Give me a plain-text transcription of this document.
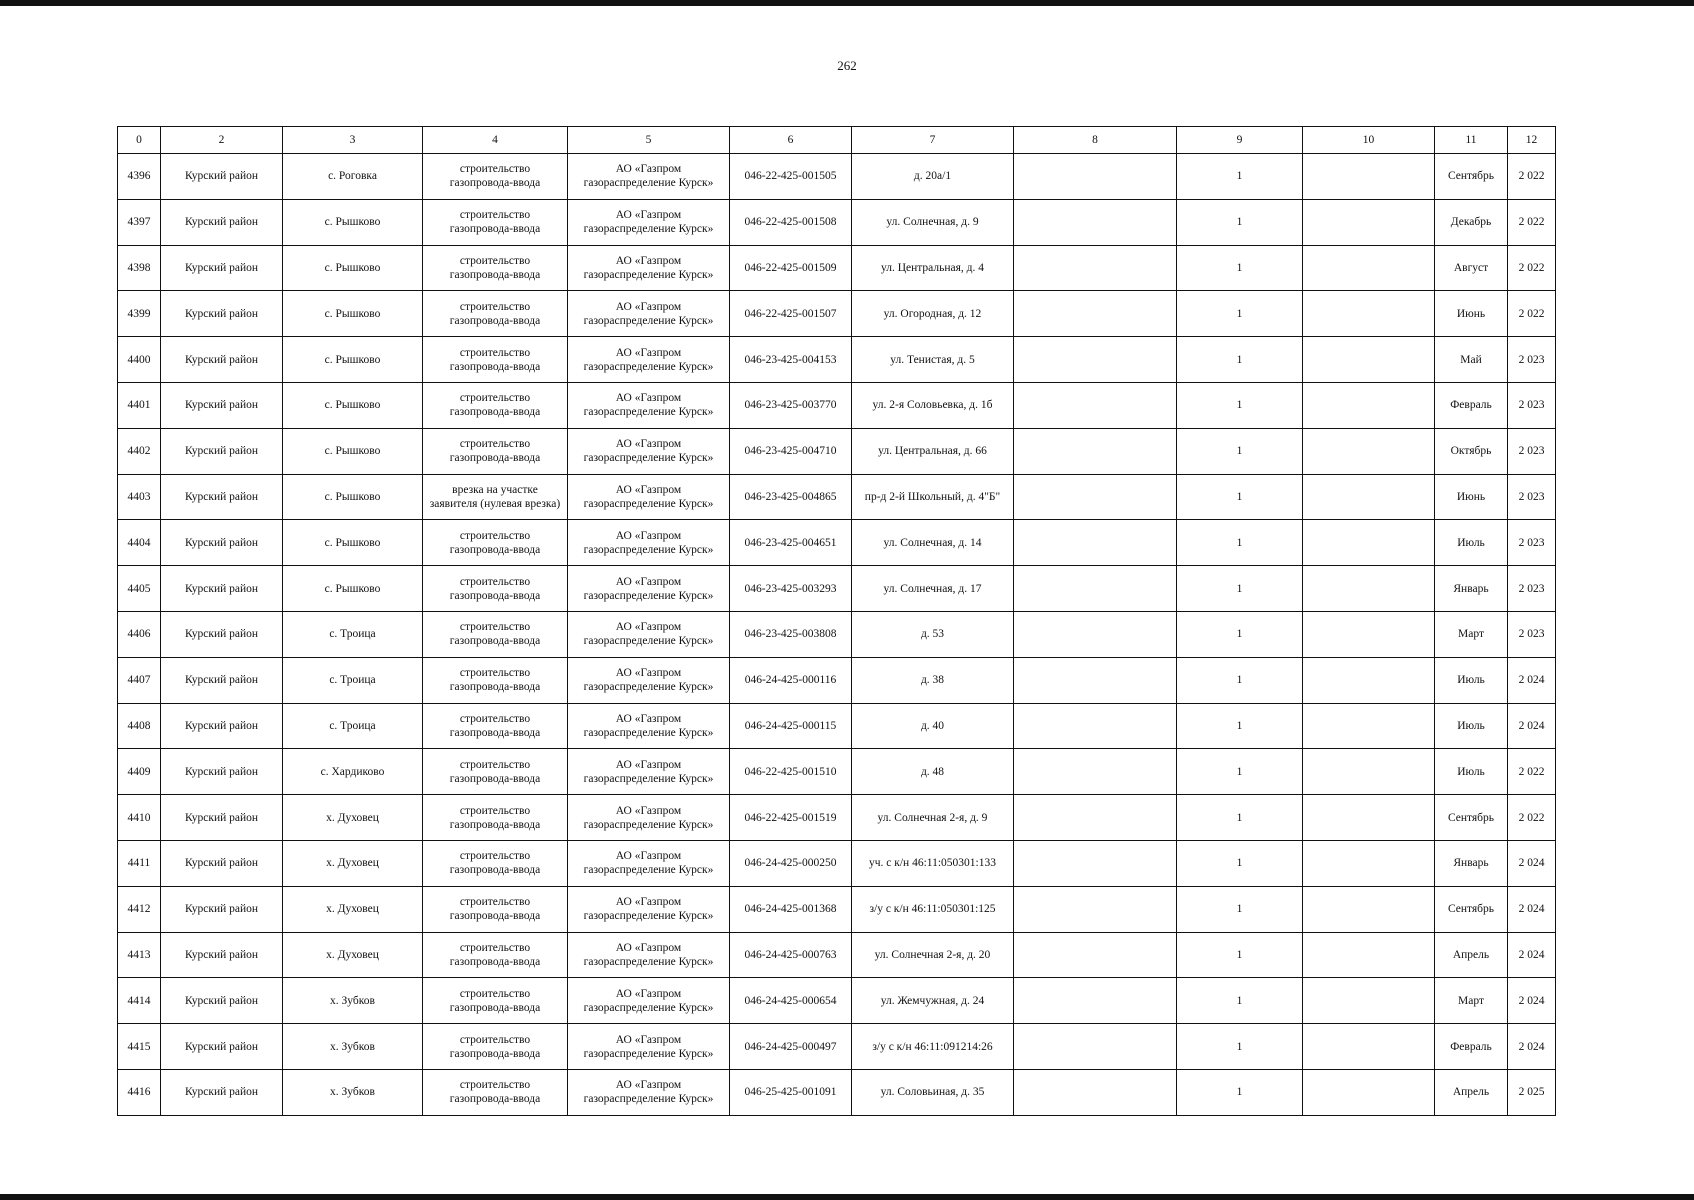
262
0	2	3	4	5	6	7	8	9	10	11	12
4396	Курский район	с. Роговка	строительство
газопровода-ввода	АО «Газпром
газораспределение Курск»	046-22-425-001505	д. 20а/1		1		Сентябрь	2 022
4397	Курский район	с. Рышково	строительство
газопровода-ввода	АО «Газпром
газораспределение Курск»	046-22-425-001508	ул. Солнечная, д. 9		1		Декабрь	2 022
4398	Курский район	с. Рышково	строительство
газопровода-ввода	АО «Газпром
газораспределение Курск»	046-22-425-001509	ул. Центральная, д. 4		1		Август	2 022
4399	Курский район	с. Рышково	строительство
газопровода-ввода	АО «Газпром
газораспределение Курск»	046-22-425-001507	ул. Огородная, д. 12		1		Июнь	2 022
4400	Курский район	с. Рышково	строительство
газопровода-ввода	АО «Газпром
газораспределение Курск»	046-23-425-004153	ул. Тенистая, д. 5		1		Май	2 023
4401	Курский район	с. Рышково	строительство
газопровода-ввода	АО «Газпром
газораспределение Курск»	046-23-425-003770	ул. 2-я Соловьевка, д. 1б		1		Февраль	2 023
4402	Курский район	с. Рышково	строительство
газопровода-ввода	АО «Газпром
газораспределение Курск»	046-23-425-004710	ул. Центральная, д. 66		1		Октябрь	2 023
4403	Курский район	с. Рышково	врезка на участке
заявителя (нулевая врезка)	АО «Газпром
газораспределение Курск»	046-23-425-004865	пр-д 2-й Школьный, д. 4"Б"		1		Июнь	2 023
4404	Курский район	с. Рышково	строительство
газопровода-ввода	АО «Газпром
газораспределение Курск»	046-23-425-004651	ул. Солнечная, д. 14		1		Июль	2 023
4405	Курский район	с. Рышково	строительство
газопровода-ввода	АО «Газпром
газораспределение Курск»	046-23-425-003293	ул. Солнечная, д. 17		1		Январь	2 023
4406	Курский район	с. Троица	строительство
газопровода-ввода	АО «Газпром
газораспределение Курск»	046-23-425-003808	д. 53		1		Март	2 023
4407	Курский район	с. Троица	строительство
газопровода-ввода	АО «Газпром
газораспределение Курск»	046-24-425-000116	д. 38		1		Июль	2 024
4408	Курский район	с. Троица	строительство
газопровода-ввода	АО «Газпром
газораспределение Курск»	046-24-425-000115	д. 40		1		Июль	2 024
4409	Курский район	с. Хардиково	строительство
газопровода-ввода	АО «Газпром
газораспределение Курск»	046-22-425-001510	д. 48		1		Июль	2 022
4410	Курский район	х. Духовец	строительство
газопровода-ввода	АО «Газпром
газораспределение Курск»	046-22-425-001519	ул. Солнечная 2-я, д. 9		1		Сентябрь	2 022
4411	Курский район	х. Духовец	строительство
газопровода-ввода	АО «Газпром
газораспределение Курск»	046-24-425-000250	уч. с к/н 46:11:050301:133		1		Январь	2 024
4412	Курский район	х. Духовец	строительство
газопровода-ввода	АО «Газпром
газораспределение Курск»	046-24-425-001368	з/у с к/н 46:11:050301:125		1		Сентябрь	2 024
4413	Курский район	х. Духовец	строительство
газопровода-ввода	АО «Газпром
газораспределение Курск»	046-24-425-000763	ул. Солнечная 2-я, д. 20		1		Апрель	2 024
4414	Курский район	х. Зубков	строительство
газопровода-ввода	АО «Газпром
газораспределение Курск»	046-24-425-000654	ул. Жемчужная, д. 24		1		Март	2 024
4415	Курский район	х. Зубков	строительство
газопровода-ввода	АО «Газпром
газораспределение Курск»	046-24-425-000497	з/у с к/н 46:11:091214:26		1		Февраль	2 024
4416	Курский район	х. Зубков	строительство
газопровода-ввода	АО «Газпром
газораспределение Курск»	046-25-425-001091	ул. Соловьиная, д. 35		1		Апрель	2 025
